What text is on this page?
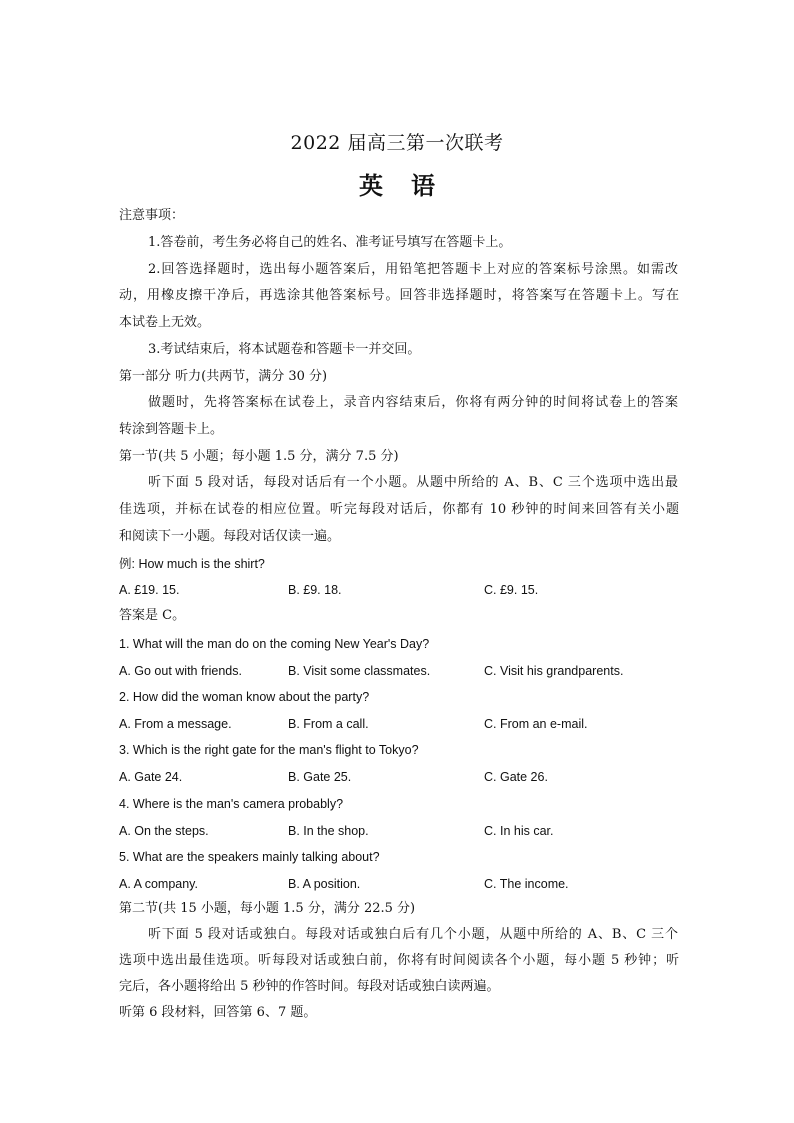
2022 届高三第一次联考
英语
注意事项：
1.答卷前，考生务必将自己的姓名、准考证号填写在答题卡上。
2.回答选择题时，选出每小题答案后，用铅笔把答题卡上对应的答案标号涂黑。如需改
动，用橡皮擦干净后，再选涂其他答案标号。回答非选择题时，将答案写在答题卡上。写在
本试卷上无效。
3.考试结束后，将本试题卷和答题卡一并交回。
第一部分 听力(共两节，满分 30 分)
做题时，先将答案标在试卷上，录音内容结束后，你将有两分钟的时间将试卷上的答案
转涂到答题卡上。
第一节(共 5 小题；每小题 1.5 分，满分 7.5 分)
听下面 5 段对话，每段对话后有一个小题。从题中所给的 A、B、C 三个选项中选出最
佳选项，并标在试卷的相应位置。听完每段对话后，你都有 10 秒钟的时间来回答有关小题
和阅读下一小题。每段对话仅读一遍。
例: How much is the shirt?
A. £19. 15.	B. £9. 18.	C. £9. 15.
答案是 C。
1. What will the man do on the coming New Year's Day?
A. Go out with friends.	B. Visit some classmates.	C. Visit his grandparents.
2. How did the woman know about the party?
A. From a message.	B. From a call.	C. From an e-mail.
3. Which is the right gate for the man's flight to Tokyo?
A. Gate 24.	B. Gate 25.	C. Gate 26.
4. Where is the man's camera probably?
A. On the steps.	B. In the shop.	C. In his car.
5. What are the speakers mainly talking about?
A. A company.	B. A position.	C. The income.
第二节(共 15 小题，每小题 1.5 分，满分 22.5 分)
听下面 5 段对话或独白。每段对话或独白后有几个小题，从题中所给的 A、B、C 三个
选项中选出最佳选项。听每段对话或独白前，你将有时间阅读各个小题，每小题 5 秒钟；听
完后，各小题将给出 5 秒钟的作答时间。每段对话或独白读两遍。
听第 6 段材料，回答第 6、7 题。
